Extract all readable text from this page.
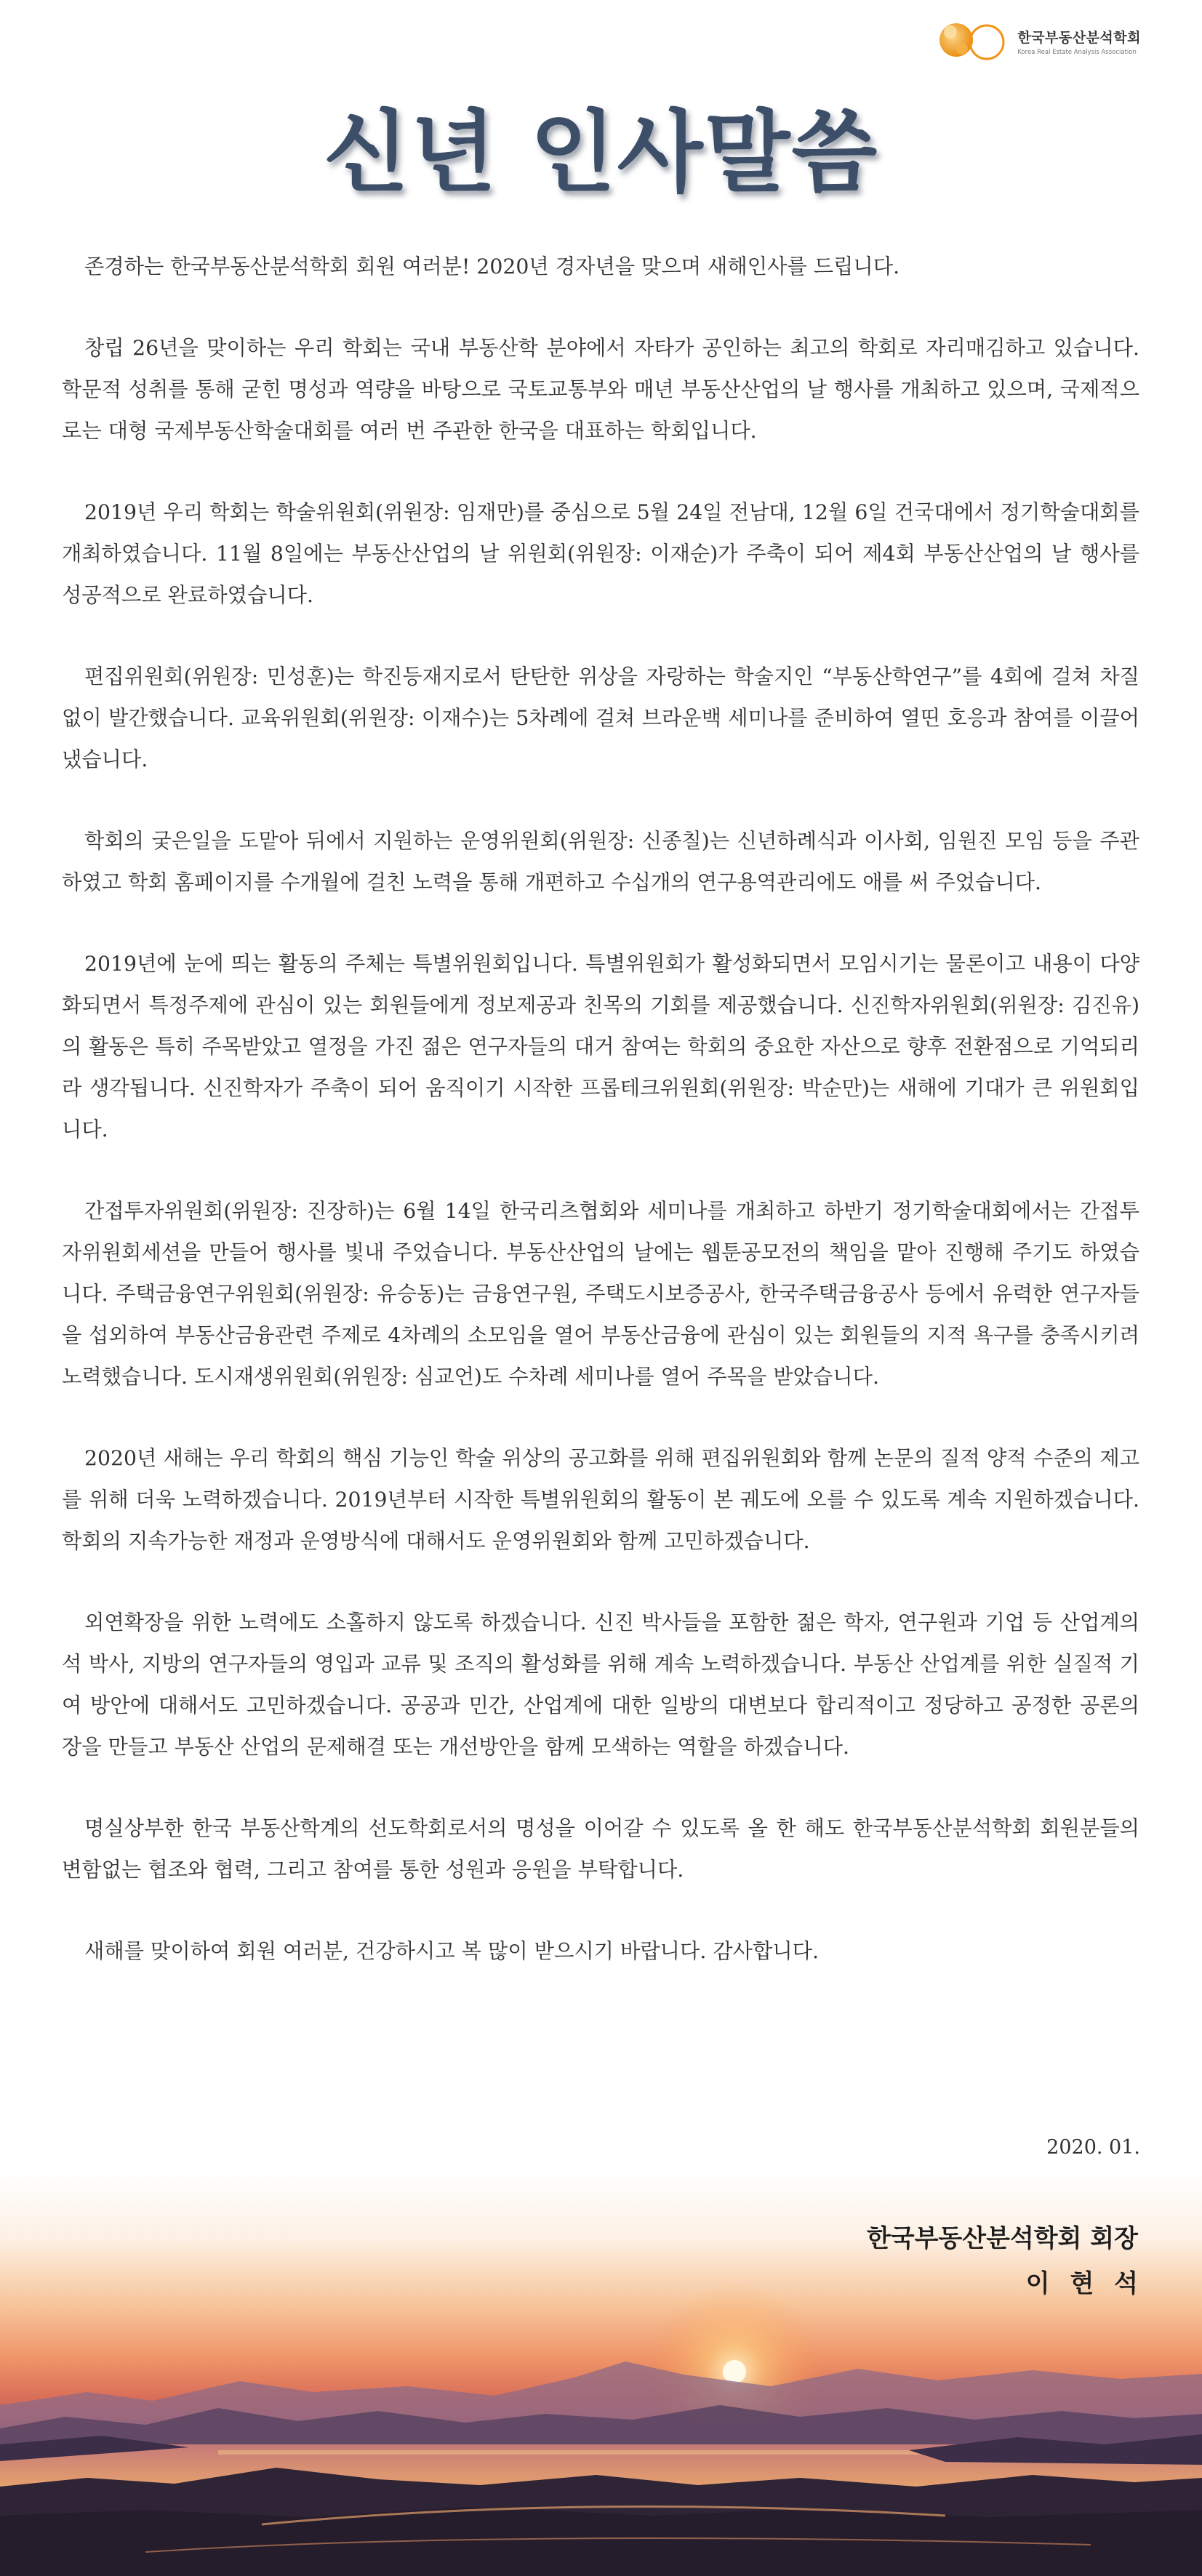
한국부동산분석학회
Korea Real Estate Analysis Association
신년 인사말씀

존경하는 한국부동산분석학회 회원 여러분! 2020년 경자년을 맞으며 새해인사를 드립니다.

창립 26년을 맞이하는 우리 학회는 국내 부동산학 분야에서 자타가 공인하는 최고의 학회로 자리매김하고 있습니다. 학문적 성취를 통해 굳힌 명성과 역량을 바탕으로 국토교통부와 매년 부동산산업의 날 행사를 개최하고 있으며, 국제적으로는 대형 국제부동산학술대회를 여러 번 주관한 한국을 대표하는 학회입니다.

2019년 우리 학회는 학술위원회(위원장: 임재만)를 중심으로 5월 24일 전남대, 12월 6일 건국대에서 정기학술대회를 개최하였습니다. 11월 8일에는 부동산산업의 날 위원회(위원장: 이재순)가 주축이 되어 제4회 부동산산업의 날 행사를 성공적으로 완료하였습니다.

편집위원회(위원장: 민성훈)는 학진등재지로서 탄탄한 위상을 자랑하는 학술지인 “부동산학연구”를 4회에 걸쳐 차질없이 발간했습니다. 교육위원회(위원장: 이재수)는 5차례에 걸쳐 브라운백 세미나를 준비하여 열띤 호응과 참여를 이끌어냈습니다.

학회의 궂은일을 도맡아 뒤에서 지원하는 운영위원회(위원장: 신종칠)는 신년하례식과 이사회, 임원진 모임 등을 주관하였고 학회 홈페이지를 수개월에 걸친 노력을 통해 개편하고 수십개의 연구용역관리에도 애를 써 주었습니다.

2019년에 눈에 띄는 활동의 주체는 특별위원회입니다. 특별위원회가 활성화되면서 모임시기는 물론이고 내용이 다양화되면서 특정주제에 관심이 있는 회원들에게 정보제공과 친목의 기회를 제공했습니다. 신진학자위원회(위원장: 김진유)의 활동은 특히 주목받았고 열정을 가진 젊은 연구자들의 대거 참여는 학회의 중요한 자산으로 향후 전환점으로 기억되리라 생각됩니다. 신진학자가 주축이 되어 움직이기 시작한 프롭테크위원회(위원장: 박순만)는 새해에 기대가 큰 위원회입니다.

간접투자위원회(위원장: 진장하)는 6월 14일 한국리츠협회와 세미나를 개최하고 하반기 정기학술대회에서는 간접투자위원회세션을 만들어 행사를 빛내 주었습니다. 부동산산업의 날에는 웹툰공모전의 책임을 맡아 진행해 주기도 하였습니다. 주택금융연구위원회(위원장: 유승동)는 금융연구원, 주택도시보증공사, 한국주택금융공사 등에서 유력한 연구자들을 섭외하여 부동산금융관련 주제로 4차례의 소모임을 열어 부동산금융에 관심이 있는 회원들의 지적 욕구를 충족시키려 노력했습니다. 도시재생위원회(위원장: 심교언)도 수차례 세미나를 열어 주목을 받았습니다.

2020년 새해는 우리 학회의 핵심 기능인 학술 위상의 공고화를 위해 편집위원회와 함께 논문의 질적 양적 수준의 제고를 위해 더욱 노력하겠습니다. 2019년부터 시작한 특별위원회의 활동이 본 궤도에 오를 수 있도록 계속 지원하겠습니다. 학회의 지속가능한 재정과 운영방식에 대해서도 운영위원회와 함께 고민하겠습니다.

외연확장을 위한 노력에도 소홀하지 않도록 하겠습니다. 신진 박사들을 포함한 젊은 학자, 연구원과 기업 등 산업계의 석 박사, 지방의 연구자들의 영입과 교류 및 조직의 활성화를 위해 계속 노력하겠습니다. 부동산 산업계를 위한 실질적 기여 방안에 대해서도 고민하겠습니다. 공공과 민간, 산업계에 대한 일방의 대변보다 합리적이고 정당하고 공정한 공론의 장을 만들고 부동산 산업의 문제해결 또는 개선방안을 함께 모색하는 역할을 하겠습니다.

명실상부한 한국 부동산학계의 선도학회로서의 명성을 이어갈 수 있도록 올 한 해도 한국부동산분석학회 회원분들의 변함없는 협조와 협력, 그리고 참여를 통한 성원과 응원을 부탁합니다.

새해를 맞이하여 회원 여러분, 건강하시고 복 많이 받으시기 바랍니다. 감사합니다.

2020. 01.
한국부동산분석학회 회장
이 현 석
